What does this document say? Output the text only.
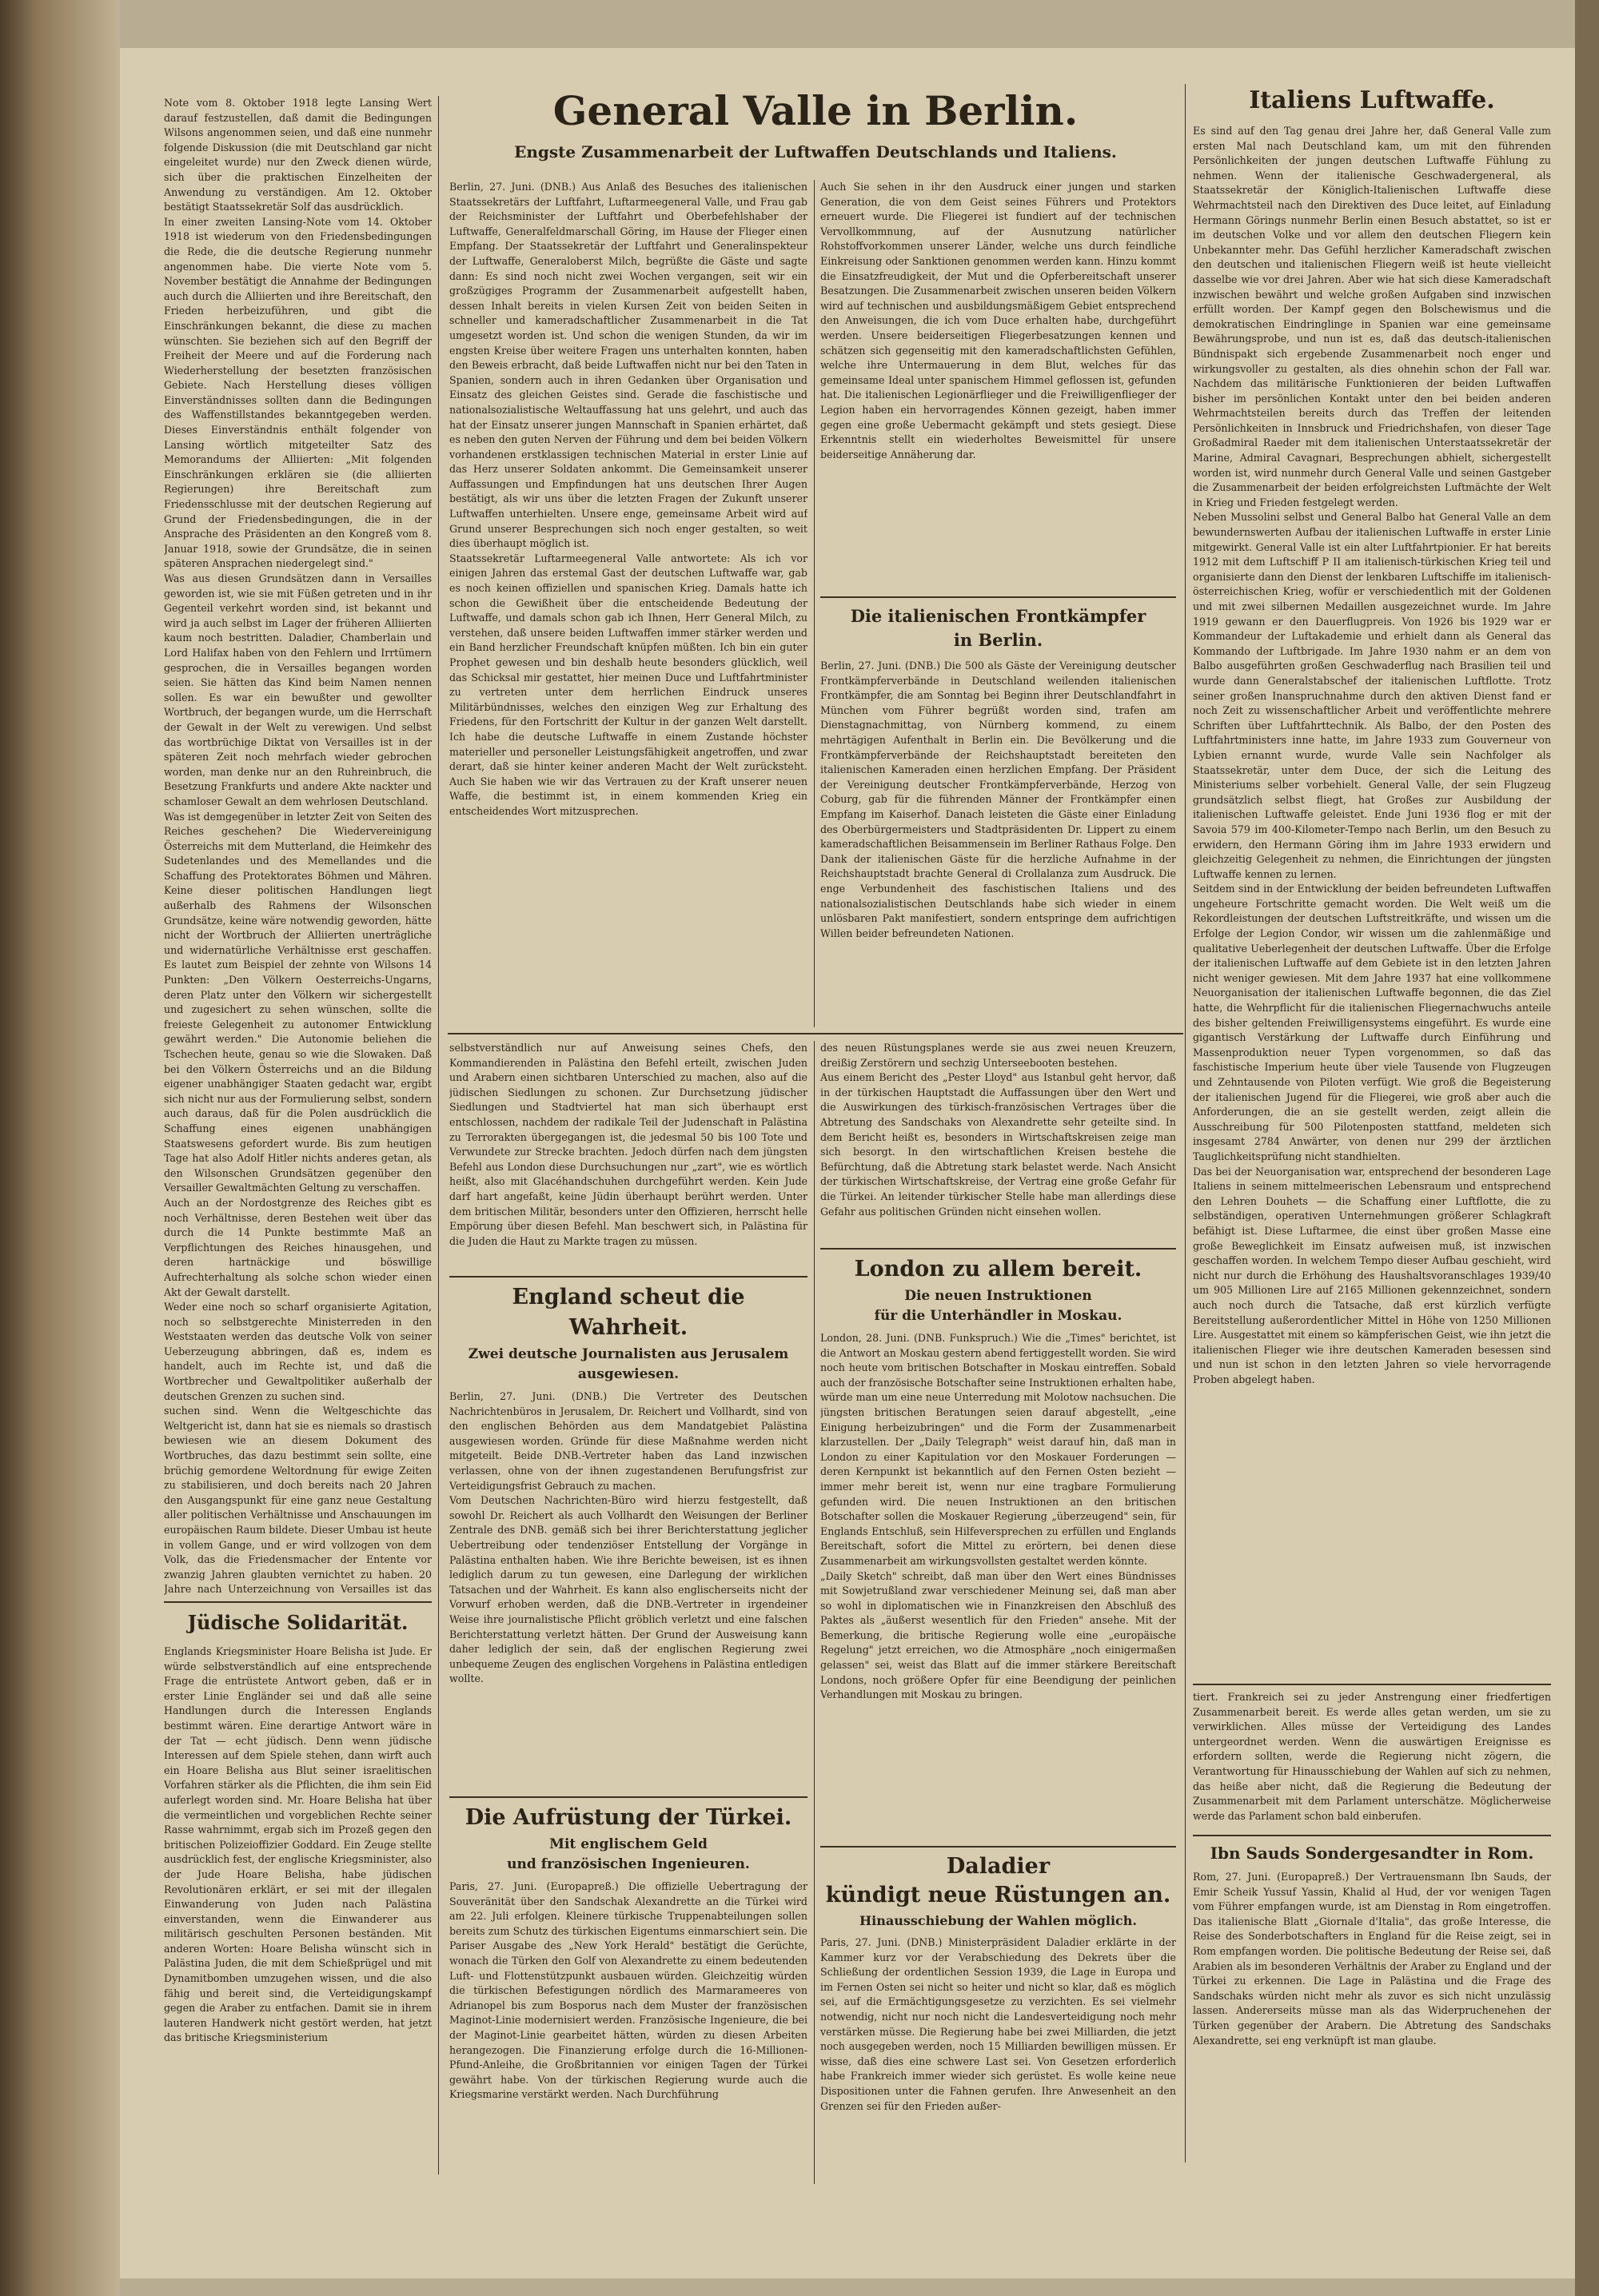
Note vom 8. Oktober 1918 legte Lansing Wert darauf festzustellen, daß damit die Bedingungen Wilsons angenommen seien, und daß eine nunmehr folgende Diskussion (die mit Deutschland gar nicht eingeleitet wurde) nur den Zweck dienen würde, sich über die praktischen Einzelheiten der Anwendung zu verständigen. Am 12. Oktober bestätigt Staatssekretär Solf das ausdrücklich.
In einer zweiten Lansing-Note vom 14. Oktober 1918 ist wiederum von den Friedensbedingungen die Rede, die die deutsche Regierung nunmehr angenommen habe. Die vierte Note vom 5. November bestätigt die Annahme der Bedingungen auch durch die Alliierten und ihre Bereitschaft, den Frieden herbeizuführen, und gibt die Einschränkungen bekannt, die diese zu machen wünschten. Sie beziehen sich auf den Begriff der Freiheit der Meere und auf die Forderung nach Wiederherstellung der besetzten französischen Gebiete. Nach Herstellung dieses völligen Einverständnisses sollten dann die Bedingungen des Waffenstillstandes bekanntgegeben werden. Dieses Einverständnis enthält folgender von Lansing wörtlich mitgeteilter Satz des Memorandums der Alliierten: „Mit folgenden Einschränkungen erklären sie (die alliierten Regierungen) ihre Bereitschaft zum Friedensschlusse mit der deutschen Regierung auf Grund der Friedensbedingungen, die in der Ansprache des Präsidenten an den Kongreß vom 8. Januar 1918, sowie der Grundsätze, die in seinen späteren Ansprachen niedergelegt sind."
Was aus diesen Grundsätzen dann in Versailles geworden ist, wie sie mit Füßen getreten und in ihr Gegenteil verkehrt worden sind, ist bekannt und wird ja auch selbst im Lager der früheren Alliierten kaum noch bestritten. Daladier, Chamberlain und Lord Halifax haben von den Fehlern und Irrtümern gesprochen, die in Versailles begangen worden seien. Sie hätten das Kind beim Namen nennen sollen. Es war ein bewußter und gewollter Wortbruch, der begangen wurde, um die Herrschaft der Gewalt in der Welt zu verewigen. Und selbst das wortbrüchige Diktat von Versailles ist in der späteren Zeit noch mehrfach wieder gebrochen worden, man denke nur an den Ruhreinbruch, die Besetzung Frankfurts und andere Akte nackter und schamloser Gewalt an dem wehrlosen Deutschland.
Was ist demgegenüber in letzter Zeit von Seiten des Reiches geschehen? Die Wiedervereinigung Österreichs mit dem Mutterland, die Heimkehr des Sudetenlandes und des Memellandes und die Schaffung des Protektorates Böhmen und Mähren. Keine dieser politischen Handlungen liegt außerhalb des Rahmens der Wilsonschen Grundsätze, keine wäre notwendig geworden, hätte nicht der Wortbruch der Alliierten unerträgliche und widernatürliche Verhältnisse erst geschaffen. Es lautet zum Beispiel der zehnte von Wilsons 14 Punkten: „Den Völkern Oesterreichs-Ungarns, deren Platz unter den Völkern wir sichergestellt und zugesichert zu sehen wünschen, sollte die freieste Gelegenheit zu autonomer Entwicklung gewährt werden." Die Autonomie beliehen die Tschechen heute, genau so wie die Slowaken. Daß bei den Völkern Österreichs und an die Bildung eigener unabhängiger Staaten gedacht war, ergibt sich nicht nur aus der Formulierung selbst, sondern auch daraus, daß für die Polen ausdrücklich die Schaffung eines eigenen unabhängigen Staatswesens gefordert wurde. Bis zum heutigen Tage hat also Adolf Hitler nichts anderes getan, als den Wilsonschen Grundsätzen gegenüber den Versailler Gewaltmächten Geltung zu verschaffen.
Auch an der Nordostgrenze des Reiches gibt es noch Verhältnisse, deren Bestehen weit über das durch die 14 Punkte bestimmte Maß an Verpflichtungen des Reiches hinausgehen, und deren hartnäckige und böswillige Aufrechterhaltung als solche schon wieder einen Akt der Gewalt darstellt.
Weder eine noch so scharf organisierte Agitation, noch so selbstgerechte Ministerreden in den Weststaaten werden das deutsche Volk von seiner Ueberzeugung abbringen, daß es, indem es handelt, auch im Rechte ist, und daß die Wortbrecher und Gewaltpolitiker außerhalb der deutschen Grenzen zu suchen sind.
suchen sind. Wenn die Weltgeschichte das Weltgericht ist, dann hat sie es niemals so drastisch bewiesen wie an diesem Dokument des Wortbruches, das dazu bestimmt sein sollte, eine brüchig gemordene Weltordnung für ewige Zeiten zu stabilisieren, und doch bereits nach 20 Jahren den Ausgangspunkt für eine ganz neue Gestaltung aller politischen Verhältnisse und Anschauungen im europäischen Raum bildete. Dieser Umbau ist heute in vollem Gange, und er wird vollzogen von dem Volk, das die Friedensmacher der Entente vor zwanzig Jahren glaubten vernichtet zu haben. 20 Jahre nach Unterzeichnung von Versailles ist das

Jüdische Solidarität.

Englands Kriegsminister Hoare Belisha ist Jude. Er würde selbstverständlich auf eine entsprechende Frage die entrüstete Antwort geben, daß er in erster Linie Engländer sei und daß alle seine Handlungen durch die Interessen Englands bestimmt wären. Eine derartige Antwort wäre in der Tat — echt jüdisch. Denn wenn jüdische Interessen auf dem Spiele stehen, dann wirft auch ein Hoare Belisha aus Blut seiner israelitischen Vorfahren stärker als die Pflichten, die ihm sein Eid auferlegt worden sind. Mr. Hoare Belisha hat über die vermeintlichen und vorgeblichen Rechte seiner Rasse wahrnimmt, ergab sich im Prozeß gegen den britischen Polizeioffizier Goddard. Ein Zeuge stellte ausdrücklich fest, der englische Kriegsminister, also der Jude Hoare Belisha, habe jüdischen Revolutionären erklärt, er sei mit der illegalen Einwanderung von Juden nach Palästina einverstanden, wenn die Einwanderer aus militärisch geschulten Personen beständen. Mit anderen Worten: Hoare Belisha wünscht sich in Palästina Juden, die mit dem Schießprügel und mit Dynamitbomben umzugehen wissen, und die also fähig und bereit sind, die Verteidigungskampf gegen die Araber zu entfachen. Damit sie in ihrem lauteren Handwerk nicht gestört werden, hat jetzt das britische Kriegsministerium

General Valle in Berlin.

Engste Zusammenarbeit der Luftwaffen Deutschlands und Italiens.

Berlin, 27. Juni. (DNB.) Aus Anlaß des Besuches des italienischen Staatssekretärs der Luftfahrt, Luftarmeegeneral Valle, und Frau gab der Reichsminister der Luftfahrt und Oberbefehlshaber der Luftwaffe, Generalfeldmarschall Göring, im Hause der Flieger einen Empfang. Der Staatssekretär der Luftfahrt und Generalinspekteur der Luftwaffe, Generaloberst Milch, begrüßte die Gäste und sagte dann: Es sind noch nicht zwei Wochen vergangen, seit wir ein großzügiges Programm der Zusammenarbeit aufgestellt haben, dessen Inhalt bereits in vielen Kursen Zeit von beiden Seiten in schneller und kameradschaftlicher Zusammenarbeit in die Tat umgesetzt worden ist. Und schon die wenigen Stunden, da wir im engsten Kreise über weitere Fragen uns unterhalten konnten, haben den Beweis erbracht, daß beide Luftwaffen nicht nur bei den Taten in Spanien, sondern auch in ihren Gedanken über Organisation und Einsatz des gleichen Geistes sind. Gerade die faschistische und nationalsozialistische Weltauffassung hat uns gelehrt, und auch das hat der Einsatz unserer jungen Mannschaft in Spanien erhärtet, daß es neben den guten Nerven der Führung und dem bei beiden Völkern vorhandenen erstklassigen technischen Material in erster Linie auf das Herz unserer Soldaten ankommt. Die Gemeinsamkeit unserer Auffassungen und Empfindungen hat uns deutschen Ihrer Augen bestätigt, als wir uns über die letzten Fragen der Zukunft unserer Luftwaffen unterhielten. Unsere enge, gemeinsame Arbeit wird auf Grund unserer Besprechungen sich noch enger gestalten, so weit dies überhaupt möglich ist.
Staatssekretär Luftarmeegeneral Valle antwortete: Als ich vor einigen Jahren das erstemal Gast der deutschen Luftwaffe war, gab es noch keinen offiziellen und spanischen Krieg. Damals hatte ich schon die Gewißheit über die entscheidende Bedeutung der Luftwaffe, und damals schon gab ich Ihnen, Herr General Milch, zu verstehen, daß unsere beiden Luftwaffen immer stärker werden und ein Band herzlicher Freundschaft knüpfen müßten. Ich bin ein guter Prophet gewesen und bin deshalb heute besonders glücklich, weil das Schicksal mir gestattet, hier meinen Duce und Luftfahrtminister zu vertreten unter dem herrlichen Eindruck unseres Militärbündnisses, welches den einzigen Weg zur Erhaltung des Friedens, für den Fortschritt der Kultur in der ganzen Welt darstellt. Ich habe die deutsche Luftwaffe in einem Zustande höchster materieller und personeller Leistungsfähigkeit angetroffen, und zwar derart, daß sie hinter keiner anderen Macht der Welt zurücksteht. Auch Sie haben wie wir das Vertrauen zu der Kraft unserer neuen Waffe, die bestimmt ist, in einem kommenden Krieg ein entscheidendes Wort mitzusprechen.

Auch Sie sehen in ihr den Ausdruck einer jungen und starken Generation, die von dem Geist seines Führers und Protektors erneuert wurde. Die Fliegerei ist fundiert auf der technischen Vervollkommnung, auf der Ausnutzung natürlicher Rohstoffvorkommen unserer Länder, welche uns durch feindliche Einkreisung oder Sanktionen genommen werden kann. Hinzu kommt die Einsatzfreudigkeit, der Mut und die Opferbereitschaft unserer Besatzungen. Die Zusammenarbeit zwischen unseren beiden Völkern wird auf technischen und ausbildungsmäßigem Gebiet entsprechend den Anweisungen, die ich vom Duce erhalten habe, durchgeführt werden. Unsere beiderseitigen Fliegerbesatzungen kennen und schätzen sich gegenseitig mit den kameradschaftlichsten Gefühlen, welche ihre Untermauerung in dem Blut, welches für das gemeinsame Ideal unter spanischem Himmel geflossen ist, gefunden hat. Die italienischen Legionärflieger und die Freiwilligenflieger der Legion haben ein hervorragendes Können gezeigt, haben immer gegen eine große Uebermacht gekämpft und stets gesiegt. Diese Erkenntnis stellt ein wiederholtes Beweismittel für unsere beiderseitige Annäherung dar.

Die italienischen Frontkämpfer
in Berlin.

Berlin, 27. Juni. (DNB.) Die 500 als Gäste der Vereinigung deutscher Frontkämpferverbände in Deutschland weilenden italienischen Frontkämpfer, die am Sonntag bei Beginn ihrer Deutschlandfahrt in München vom Führer begrüßt worden sind, trafen am Dienstagnachmittag, von Nürnberg kommend, zu einem mehrtägigen Aufenthalt in Berlin ein. Die Bevölkerung und die Frontkämpferverbände der Reichshauptstadt bereiteten den italienischen Kameraden einen herzlichen Empfang. Der Präsident der Vereinigung deutscher Frontkämpferverbände, Herzog von Coburg, gab für die führenden Männer der Frontkämpfer einen Empfang im Kaiserhof. Danach leisteten die Gäste einer Einladung des Oberbürgermeisters und Stadtpräsidenten Dr. Lippert zu einem kameradschaftlichen Beisammensein im Berliner Rathaus Folge. Den Dank der italienischen Gäste für die herzliche Aufnahme in der Reichshauptstadt brachte General di Crollalanza zum Ausdruck. Die enge Verbundenheit des faschistischen Italiens und des nationalsozialistischen Deutschlands habe sich wieder in einem unlösbaren Pakt manifestiert, sondern entspringe dem aufrichtigen Willen beider befreundeten Nationen.

selbstverständlich nur auf Anweisung seines Chefs, den Kommandierenden in Palästina den Befehl erteilt, zwischen Juden und Arabern einen sichtbaren Unterschied zu machen, also auf die jüdischen Siedlungen zu schonen. Zur Durchsetzung jüdischer Siedlungen und Stadtviertel hat man sich überhaupt erst entschlossen, nachdem der radikale Teil der Judenschaft in Palästina zu Terrorakten übergegangen ist, die jedesmal 50 bis 100 Tote und Verwundete zur Strecke brachten. Jedoch dürfen nach dem jüngsten Befehl aus London diese Durchsuchungen nur „zart", wie es wörtlich heißt, also mit Glacéhandschuhen durchgeführt werden. Kein Jude darf hart angefaßt, keine Jüdin überhaupt berührt werden. Unter dem britischen Militär, besonders unter den Offizieren, herrscht helle Empörung über diesen Befehl. Man beschwert sich, in Palästina für die Juden die Haut zu Markte tragen zu müssen.

England scheut die Wahrheit.

Zwei deutsche Journalisten aus Jerusalem ausgewiesen.

Berlin, 27. Juni. (DNB.) Die Vertreter des Deutschen Nachrichtenbüros in Jerusalem, Dr. Reichert und Vollhardt, sind von den englischen Behörden aus dem Mandatgebiet Palästina ausgewiesen worden. Gründe für diese Maßnahme werden nicht mitgeteilt. Beide DNB.-Vertreter haben das Land inzwischen verlassen, ohne von der ihnen zugestandenen Berufungsfrist zur Verteidigungsfrist Gebrauch zu machen.
Vom Deutschen Nachrichten-Büro wird hierzu festgestellt, daß sowohl Dr. Reichert als auch Vollhardt den Weisungen der Berliner Zentrale des DNB. gemäß sich bei ihrer Berichterstattung jeglicher Uebertreibung oder tendenziöser Entstellung der Vorgänge in Palästina enthalten haben. Wie ihre Berichte beweisen, ist es ihnen lediglich darum zu tun gewesen, eine Darlegung der wirklichen Tatsachen und der Wahrheit. Es kann also englischerseits nicht der Vorwurf erhoben werden, daß die DNB.-Vertreter in irgendeiner Weise ihre journalistische Pflicht gröblich verletzt und eine falschen Berichterstattung verletzt hätten. Der Grund der Ausweisung kann daher lediglich der sein, daß der englischen Regierung zwei unbequeme Zeugen des englischen Vorgehens in Palästina entledigen wollte.

Die Aufrüstung der Türkei.

Mit englischem Geld
und französischen Ingenieuren.

Paris, 27. Juni. (Europapreß.) Die offizielle Uebertragung der Souveränität über den Sandschak Alexandrette an die Türkei wird am 22. Juli erfolgen. Kleinere türkische Truppenabteilungen sollen bereits zum Schutz des türkischen Eigentums einmarschiert sein. Die Pariser Ausgabe des „New York Herald" bestätigt die Gerüchte, wonach die Türken den Golf von Alexandrette zu einem bedeutenden Luft- und Flottenstützpunkt ausbauen würden. Gleichzeitig würden die türkischen Befestigungen nördlich des Marmarameeres von Adrianopel bis zum Bosporus nach dem Muster der französischen Maginot-Linie modernisiert werden. Französische Ingenieure, die bei der Maginot-Linie gearbeitet hätten, würden zu diesen Arbeiten herangezogen. Die Finanzierung erfolge durch die 16-Millionen-Pfund-Anleihe, die Großbritannien vor einigen Tagen der Türkei gewährt habe. Von der türkischen Regierung wurde auch die Kriegsmarine verstärkt werden. Nach Durchführung

des neuen Rüstungsplanes werde sie aus zwei neuen Kreuzern, dreißig Zerstörern und sechzig Unterseebooten bestehen.
Aus einem Bericht des „Pester Lloyd" aus Istanbul geht hervor, daß in der türkischen Hauptstadt die Auffassungen über den Wert und die Auswirkungen des türkisch-französischen Vertrages über die Abtretung des Sandschaks von Alexandrette sehr geteilte sind. In dem Bericht heißt es, besonders in Wirtschaftskreisen zeige man sich besorgt. In den wirtschaftlichen Kreisen bestehe die Befürchtung, daß die Abtretung stark belastet werde. Nach Ansicht der türkischen Wirtschaftskreise, der Vertrag eine große Gefahr für die Türkei. An leitender türkischer Stelle habe man allerdings diese Gefahr aus politischen Gründen nicht einsehen wollen.

London zu allem bereit.

Die neuen Instruktionen
für die Unterhändler in Moskau.

London, 28. Juni. (DNB. Funkspruch.) Wie die „Times" berichtet, ist die Antwort an Moskau gestern abend fertiggestellt worden. Sie wird noch heute vom britischen Botschafter in Moskau eintreffen. Sobald auch der französische Botschafter seine Instruktionen erhalten habe, würde man um eine neue Unterredung mit Molotow nachsuchen. Die jüngsten britischen Beratungen seien darauf abgestellt, „eine Einigung herbeizubringen" und die Form der Zusammenarbeit klarzustellen. Der „Daily Telegraph" weist darauf hin, daß man in London zu einer Kapitulation vor den Moskauer Forderungen — deren Kernpunkt ist bekanntlich auf den Fernen Osten bezieht — immer mehr bereit ist, wenn nur eine tragbare Formulierung gefunden wird. Die neuen Instruktionen an den britischen Botschafter sollen die Moskauer Regierung „überzeugend" sein, für Englands Entschluß, sein Hilfeversprechen zu erfüllen und Englands Bereitschaft, sofort die Mittel zu erörtern, bei denen diese Zusammenarbeit am wirkungsvollsten gestaltet werden könnte.
„Daily Sketch" schreibt, daß man über den Wert eines Bündnisses mit Sowjetrußland zwar verschiedener Meinung sei, daß man aber so wohl in diplomatischen wie in Finanzkreisen den Abschluß des Paktes als „äußerst wesentlich für den Frieden" ansehe. Mit der Bemerkung, die britische Regierung wolle eine „europäische Regelung" jetzt erreichen, wo die Atmosphäre „noch einigermaßen gelassen" sei, weist das Blatt auf die immer stärkere Bereitschaft Londons, noch größere Opfer für eine Beendigung der peinlichen Verhandlungen mit Moskau zu bringen.

Daladier
kündigt neue Rüstungen an.

Hinausschiebung der Wahlen möglich.

Paris, 27. Juni. (DNB.) Ministerpräsident Daladier erklärte in der Kammer kurz vor der Verabschiedung des Dekrets über die Schließung der ordentlichen Session 1939, die Lage in Europa und im Fernen Osten sei nicht so heiter und nicht so klar, daß es möglich sei, auf die Ermächtigungsgesetze zu verzichten. Es sei vielmehr notwendig, nicht nur noch nicht die Landesverteidigung noch mehr verstärken müsse. Die Regierung habe bei zwei Milliarden, die jetzt noch ausgegeben werden, noch 15 Milliarden bewilligen müssen. Er wisse, daß dies eine schwere Last sei. Von Gesetzen erforderlich habe Frankreich immer wieder sich gerüstet. Es wolle keine neue Dispositionen unter die Fahnen gerufen. Ihre Anwesenheit an den Grenzen sei für den Frieden außer-

Italiens Luftwaffe.

Es sind auf den Tag genau drei Jahre her, daß General Valle zum ersten Mal nach Deutschland kam, um mit den führenden Persönlichkeiten der jungen deutschen Luftwaffe Fühlung zu nehmen. Wenn der italienische Geschwadergeneral, als Staatssekretär der Königlich-Italienischen Luftwaffe diese Wehrmachtsteil nach den Direktiven des Duce leitet, auf Einladung Hermann Görings nunmehr Berlin einen Besuch abstattet, so ist er im deutschen Volke und vor allem den deutschen Fliegern kein Unbekannter mehr. Das Gefühl herzlicher Kameradschaft zwischen den deutschen und italienischen Fliegern weiß ist heute vielleicht dasselbe wie vor drei Jahren. Aber wie hat sich diese Kameradschaft inzwischen bewährt und welche großen Aufgaben sind inzwischen erfüllt worden. Der Kampf gegen den Bolschewismus und die demokratischen Eindringlinge in Spanien war eine gemeinsame Bewährungsprobe, und nun ist es, daß das deutsch-italienischen Bündnispakt sich ergebende Zusammenarbeit noch enger und wirkungsvoller zu gestalten, als dies ohnehin schon der Fall war. Nachdem das militärische Funktionieren der beiden Luftwaffen bisher im persönlichen Kontakt unter den bei beiden anderen Wehrmachtsteilen bereits durch das Treffen der leitenden Persönlichkeiten in Innsbruck und Friedrichshafen, von dieser Tage Großadmiral Raeder mit dem italienischen Unterstaatssekretär der Marine, Admiral Cavagnari, Besprechungen abhielt, sichergestellt worden ist, wird nunmehr durch General Valle und seinen Gastgeber die Zusammenarbeit der beiden erfolgreichsten Luftmächte der Welt in Krieg und Frieden festgelegt werden.
Neben Mussolini selbst und General Balbo hat General Valle an dem bewundernswerten Aufbau der italienischen Luftwaffe in erster Linie mitgewirkt. General Valle ist ein alter Luftfahrtpionier. Er hat bereits 1912 mit dem Luftschiff P II am italienisch-türkischen Krieg teil und organisierte dann den Dienst der lenkbaren Luftschiffe im italienisch-österreichischen Krieg, wofür er verschiedentlich mit der Goldenen und mit zwei silbernen Medaillen ausgezeichnet wurde. Im Jahre 1919 gewann er den Dauerflugpreis. Von 1926 bis 1929 war er Kommandeur der Luftakademie und erhielt dann als General das Kommando der Luftbrigade. Im Jahre 1930 nahm er an dem von Balbo ausgeführten großen Geschwaderflug nach Brasilien teil und wurde dann Generalstabschef der italienischen Luftflotte. Trotz seiner großen Inanspruchnahme durch den aktiven Dienst fand er noch Zeit zu wissenschaftlicher Arbeit und veröffentlichte mehrere Schriften über Luftfahrttechnik. Als Balbo, der den Posten des Luftfahrtministers inne hatte, im Jahre 1933 zum Gouverneur von Lybien ernannt wurde, wurde Valle sein Nachfolger als Staatssekretär, unter dem Duce, der sich die Leitung des Ministeriums selber vorbehielt. General Valle, der sein Flugzeug grundsätzlich selbst fliegt, hat Großes zur Ausbildung der italienischen Luftwaffe geleistet. Ende Juni 1936 flog er mit der Savoia 579 im 400-Kilometer-Tempo nach Berlin, um den Besuch zu erwidern, den Hermann Göring ihm im Jahre 1933 erwidern und gleichzeitig Gelegenheit zu nehmen, die Einrichtungen der jüngsten Luftwaffe kennen zu lernen.
Seitdem sind in der Entwicklung der beiden befreundeten Luftwaffen ungeheure Fortschritte gemacht worden. Die Welt weiß um die Rekordleistungen der deutschen Luftstreitkräfte, und wissen um die Erfolge der Legion Condor, wir wissen um die zahlenmäßige und qualitative Ueberlegenheit der deutschen Luftwaffe. Über die Erfolge der italienischen Luftwaffe auf dem Gebiete ist in den letzten Jahren nicht weniger gewiesen. Mit dem Jahre 1937 hat eine vollkommene Neuorganisation der italienischen Luftwaffe begonnen, die das Ziel hatte, die Wehrpflicht für die italienischen Fliegernachwuchs anteile des bisher geltenden Freiwilligensystems eingeführt. Es wurde eine gigantisch Verstärkung der Luftwaffe durch Einführung und Massenproduktion neuer Typen vorgenommen, so daß das faschistische Imperium heute über viele Tausende von Flugzeugen und Zehntausende von Piloten verfügt. Wie groß die Begeisterung der italienischen Jugend für die Fliegerei, wie groß aber auch die Anforderungen, die an sie gestellt werden, zeigt allein die Ausschreibung für 500 Pilotenposten stattfand, meldeten sich insgesamt 2784 Anwärter, von denen nur 299 der ärztlichen Tauglichkeitsprüfung nicht standhielten.
Das bei der Neuorganisation war, entsprechend der besonderen Lage Italiens in seinem mittelmeerischen Lebensraum und entsprechend den Lehren Douhets — die Schaffung einer Luftflotte, die zu selbständigen, operativen Unternehmungen größerer Schlagkraft befähigt ist. Diese Luftarmee, die einst über großen Masse eine große Beweglichkeit im Einsatz aufweisen muß, ist inzwischen geschaffen worden. In welchem Tempo dieser Aufbau geschieht, wird nicht nur durch die Erhöhung des Haushaltsvoranschlages 1939/40 um 905 Millionen Lire auf 2165 Millionen gekennzeichnet, sondern auch noch durch die Tatsache, daß erst kürzlich verfügte Bereitstellung außerordentlicher Mittel in Höhe von 1250 Millionen Lire. Ausgestattet mit einem so kämpferischen Geist, wie ihn jetzt die italienischen Flieger wie ihre deutschen Kameraden besessen sind und nun ist schon in den letzten Jahren so viele hervorragende Proben abgelegt haben.

tiert. Frankreich sei zu jeder Anstrengung einer friedfertigen Zusammenarbeit bereit. Es werde alles getan werden, um sie zu verwirklichen. Alles müsse der Verteidigung des Landes untergeordnet werden. Wenn die auswärtigen Ereignisse es erfordern sollten, werde die Regierung nicht zögern, die Verantwortung für Hinausschiebung der Wahlen auf sich zu nehmen, das heiße aber nicht, daß die Regierung die Bedeutung der Zusammenarbeit mit dem Parlament unterschätze. Möglicherweise werde das Parlament schon bald einberufen.

Ibn Sauds Sondergesandter in Rom.

Rom, 27. Juni. (Europapreß.) Der Vertrauensmann Ibn Sauds, der Emir Scheik Yussuf Yassin, Khalid al Hud, der vor wenigen Tagen vom Führer empfangen wurde, ist am Dienstag in Rom eingetroffen. Das italienische Blatt „Giornale d'Italia", das große Interesse, die Reise des Sonderbotschafters in England für die Reise zeigt, sei in Rom empfangen worden. Die politische Bedeutung der Reise sei, daß Arabien als im besonderen Verhältnis der Araber zu England und der Türkei zu erkennen. Die Lage in Palästina und die Frage des Sandschaks würden nicht mehr als zuvor es sich nicht unzulässig lassen. Andererseits müsse man als das Widerpruchenehen der Türken gegenüber der Arabern. Die Abtretung des Sandschaks Alexandrette, sei eng verknüpft ist man glaube.
